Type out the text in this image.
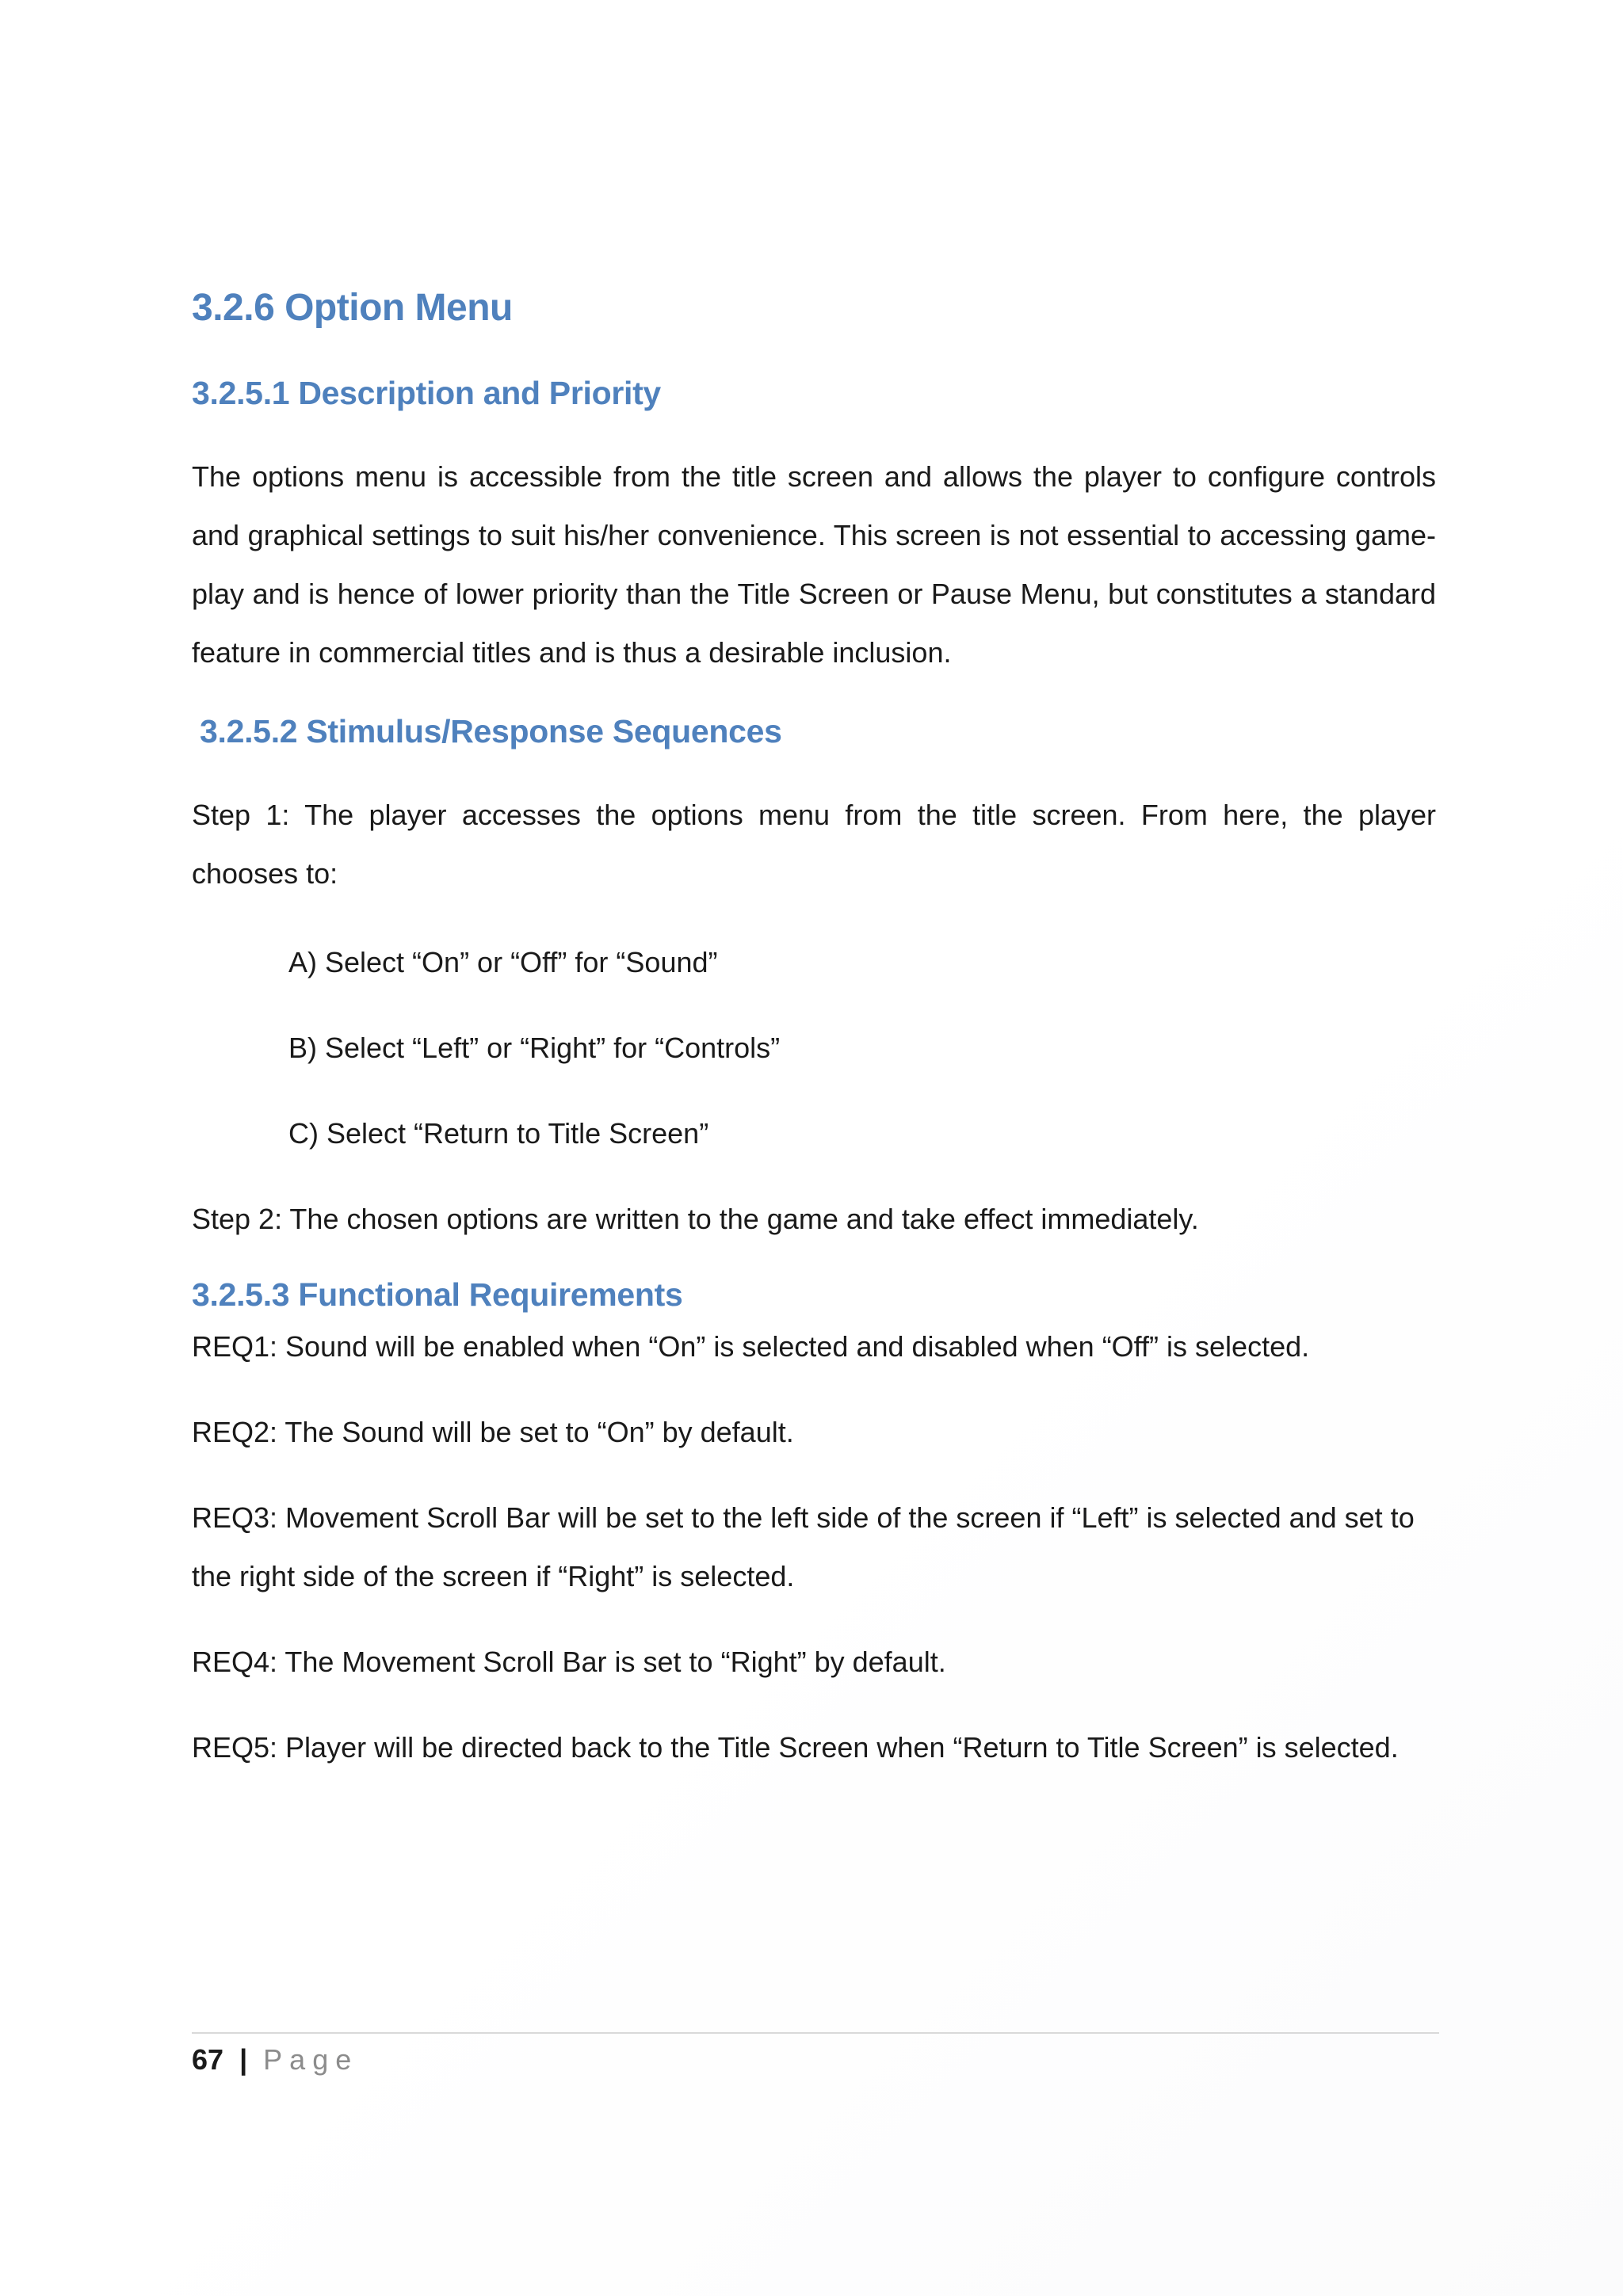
3.2.6 Option Menu
3.2.5.1 Description and Priority

The options menu is accessible from the title screen and allows the player to configure controls and graphical settings to suit his/her convenience. This screen is not essential to accessing game-play and is hence of lower priority than the Title Screen or Pause Menu, but constitutes a standard feature in commercial titles and is thus a desirable inclusion.

3.2.5.2 Stimulus/Response Sequences

Step 1: The player accesses the options menu from the title screen. From here, the player chooses to:

A) Select “On” or “Off” for “Sound”

B) Select “Left” or “Right” for “Controls”

C) Select “Return to Title Screen”

Step 2: The chosen options are written to the game and take effect immediately.

3.2.5.3 Functional Requirements

REQ1: Sound will be enabled when “On” is selected and disabled when “Off” is selected.

REQ2: The Sound will be set to “On” by default.

REQ3: Movement Scroll Bar will be set to the left side of the screen if “Left” is selected and set to the right side of the screen if “Right” is selected.

REQ4: The Movement Scroll Bar is set to “Right” by default.

REQ5: Player will be directed back to the Title Screen when “Return to Title Screen” is selected.

67 | Page
